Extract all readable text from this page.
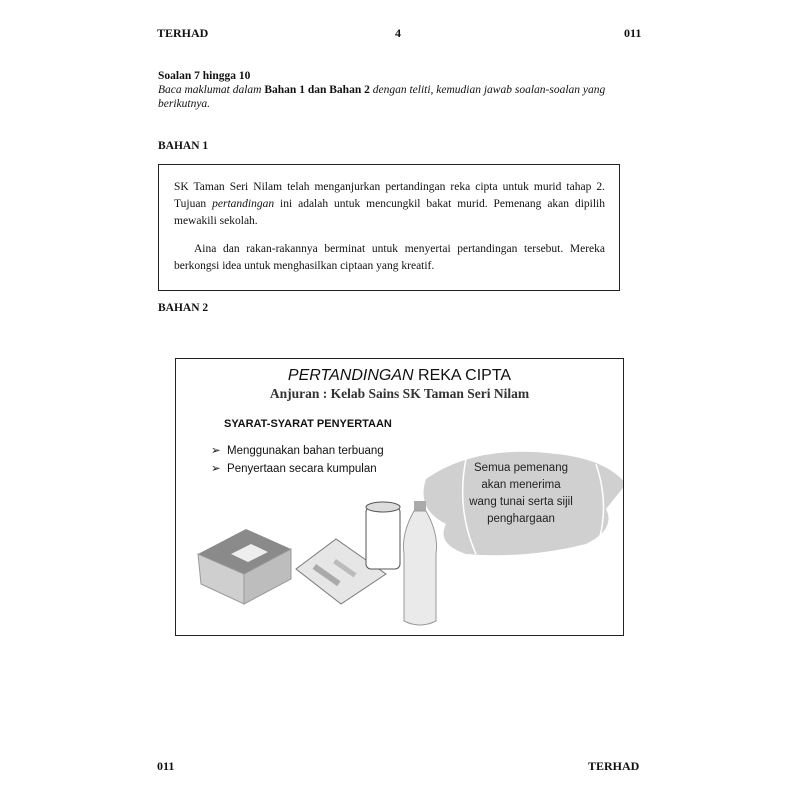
TERHAD	4	011
Soalan 7 hingga 10
Baca maklumat dalam Bahan 1 dan Bahan 2 dengan teliti, kemudian jawab soalan-soalan yang berikutnya.
BAHAN 1

SK Taman Seri Nilam telah menganjurkan pertandingan reka cipta untuk murid tahap 2. Tujuan pertandingan ini adalah untuk mencungkil bakat murid. Pemenang akan dipilih mewakili sekolah.

Aina dan rakan-rakannya berminat untuk menyertai pertandingan tersebut. Mereka berkongsi idea untuk menghasilkan ciptaan yang kreatif.

BAHAN 2
PERTANDINGAN REKA CIPTA
Anjuran : Kelab Sains SK Taman Seri Nilam
SYARAT-SYARAT PENYERTAAN
➢ Menggunakan bahan terbuang
➢ Penyertaan secara kumpulan	Semua pemenang
akan menerima
wang tunai serta sijil
penghargaan
011	TERHAD
